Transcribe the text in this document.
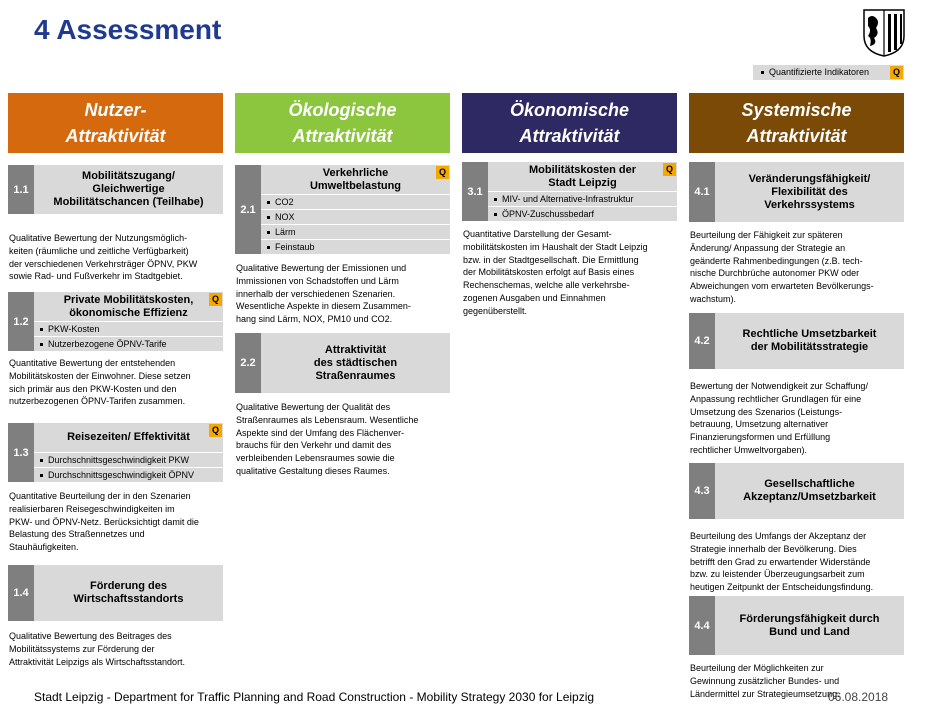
4 Assessment
Quantifizierte Indikatoren	Q
Nutzer-
Attraktivität
Ökologische
Attraktivität
Ökonomische
Attraktivität
Systemische
Attraktivität
1.1
Mobilitätszugang/
Gleichwertige
Mobilitätschancen (Teilhabe)
Qualitative Bewertung der Nutzungsmöglich-
keiten (räumliche und zeitliche Verfügbarkeit)
der verschiedenen Verkehrsträger ÖPNV, PKW
sowie Rad- und Fußverkehr im Stadtgebiet.
1.2
Private Mobilitätskosten,
ökonomische Effizienz
Q
PKW-Kosten
Nutzerbezogene ÖPNV-Tarife
Quantitative Bewertung der entstehenden
Mobilitätskosten der Einwohner. Diese setzen
sich primär aus den PKW-Kosten und den
nutzerbezogenen ÖPNV-Tarifen zusammen.
1.3
Reisezeiten/ Effektivität
Q
Durchschnittsgeschwindigkeit PKW
Durchschnittsgeschwindigkeit ÖPNV
Quantitative Beurteilung der in den Szenarien
realisierbaren Reisegeschwindigkeiten im
PKW- und ÖPNV-Netz. Berücksichtigt damit die
Belastung des Straßennetzes und
Stauhäufigkeiten.
1.4
Förderung des
Wirtschaftsstandorts
Qualitative Bewertung des Beitrages des
Mobilitätssystems zur Förderung der
Attraktivität Leipzigs als Wirtschaftsstandort.
2.1
Verkehrliche
Umweltbelastung
Q
CO2
NOX
Lärm
Feinstaub
Qualitative Bewertung der Emissionen und
Immissionen von Schadstoffen und Lärm
innerhalb der verschiedenen Szenarien.
Wesentliche Aspekte in diesem Zusammen-
hang sind Lärm, NOX, PM10 und CO2.
2.2
Attraktivität
des städtischen
Straßenraumes
Qualitative Bewertung der Qualität des
Straßenraumes als Lebensraum. Wesentliche
Aspekte sind der Umfang des Flächenver-
brauchs für den Verkehr und damit des
verbleibenden Lebensraumes sowie die
qualitative Gestaltung dieses Raumes.
3.1
Mobilitätskosten der
Stadt Leipzig
Q
MIV- und Alternative-Infrastruktur
ÖPNV-Zuschussbedarf
Quantitative Darstellung der Gesamt-
mobilitätskosten im Haushalt der Stadt Leipzig
bzw. in der Stadtgesellschaft. Die Ermittlung
der Mobilitätskosten erfolgt auf Basis eines
Rechenschemas, welche alle verkehrsbe-
zogenen Ausgaben und Einnahmen
gegenüberstellt.
4.1
Veränderungsfähigkeit/
Flexibilität des
Verkehrssystems
Beurteilung der Fähigkeit zur späteren
Änderung/ Anpassung der Strategie an
geänderte Rahmenbedingungen (z.B. tech-
nische Durchbrüche autonomer PKW oder
Abweichungen vom erwarteten Bevölkerungs-
wachstum).
4.2
Rechtliche Umsetzbarkeit
der Mobilitätsstrategie
Bewertung der Notwendigkeit zur Schaffung/
Anpassung rechtlicher Grundlagen für eine
Umsetzung des Szenarios (Leistungs-
betrauung, Umsetzung alternativer
Finanzierungsformen und Erfüllung
rechtlicher Umweltvorgaben).
4.3
Gesellschaftliche
Akzeptanz/Umsetzbarkeit
Beurteilung des Umfangs der Akzeptanz der
Strategie innerhalb der Bevölkerung. Dies
betrifft den Grad zu erwartender Widerstände
bzw. zu leistender Überzeugungsarbeit zum
heutigen Zeitpunkt der Entscheidungsfindung.
4.4
Förderungsfähigkeit durch
Bund und Land
Beurteilung der Möglichkeiten zur
Gewinnung zusätzlicher Bundes- und
Ländermittel zur Strategieumsetzung.
Stadt Leipzig - Department for Traffic Planning and Road Construction - Mobility Strategy 2030 for Leipzig	06.08.2018
